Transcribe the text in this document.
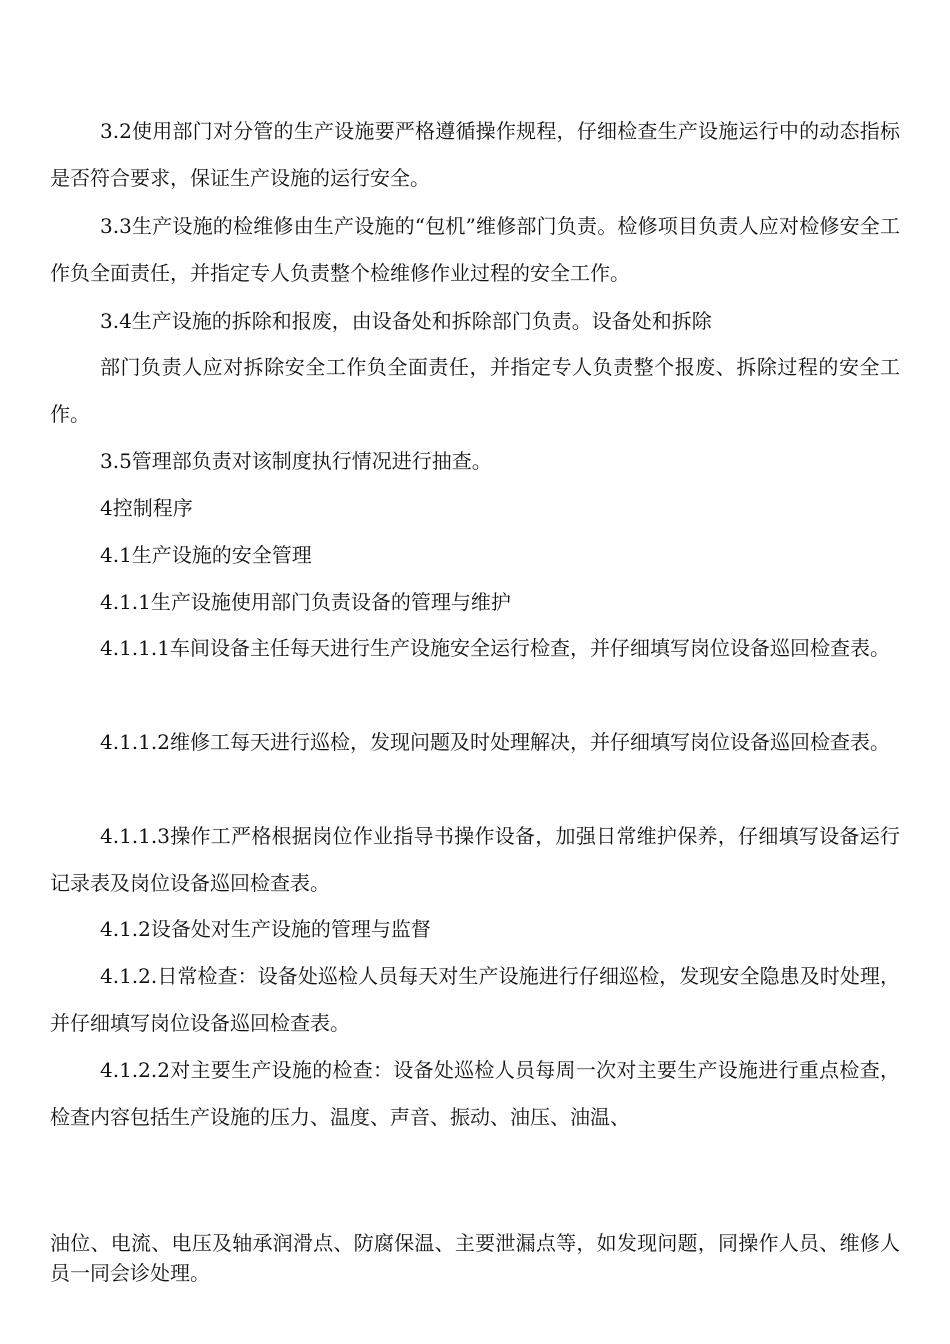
3.2使用部门对分管的生产设施要严格遵循操作规程，仔细检查生产设施运行中的动态指标是否符合要求，保证生产设施的运行安全。

3.3生产设施的检维修由生产设施的“包机”维修部门负责。检修项目负责人应对检修安全工作负全面责任，并指定专人负责整个检维修作业过程的安全工作。

3.4生产设施的拆除和报废，由设备处和拆除部门负责。设备处和拆除

部门负责人应对拆除安全工作负全面责任，并指定专人负责整个报废、拆除过程的安全工作。

3.5管理部负责对该制度执行情况进行抽查。

4控制程序

4.1生产设施的安全管理

4.1.1生产设施使用部门负责设备的管理与维护

4.1.1.1车间设备主任每天进行生产设施安全运行检查，并仔细填写岗位设备巡回检查表。

4.1.1.2维修工每天进行巡检，发现问题及时处理解决，并仔细填写岗位设备巡回检查表。

4.1.1.3操作工严格根据岗位作业指导书操作设备，加强日常维护保养，仔细填写设备运行记录表及岗位设备巡回检查表。

4.1.2设备处对生产设施的管理与监督

4.1.2.日常检查：设备处巡检人员每天对生产设施进行仔细巡检，发现安全隐患及时处理，并仔细填写岗位设备巡回检查表。

4.1.2.2对主要生产设施的检查：设备处巡检人员每周一次对主要生产设施进行重点检查，检查内容包括生产设施的压力、温度、声音、振动、油压、油温、

油位、电流、电压及轴承润滑点、防腐保温、主要泄漏点等，如发现问题，同操作人员、维修人员一同会诊处理。
